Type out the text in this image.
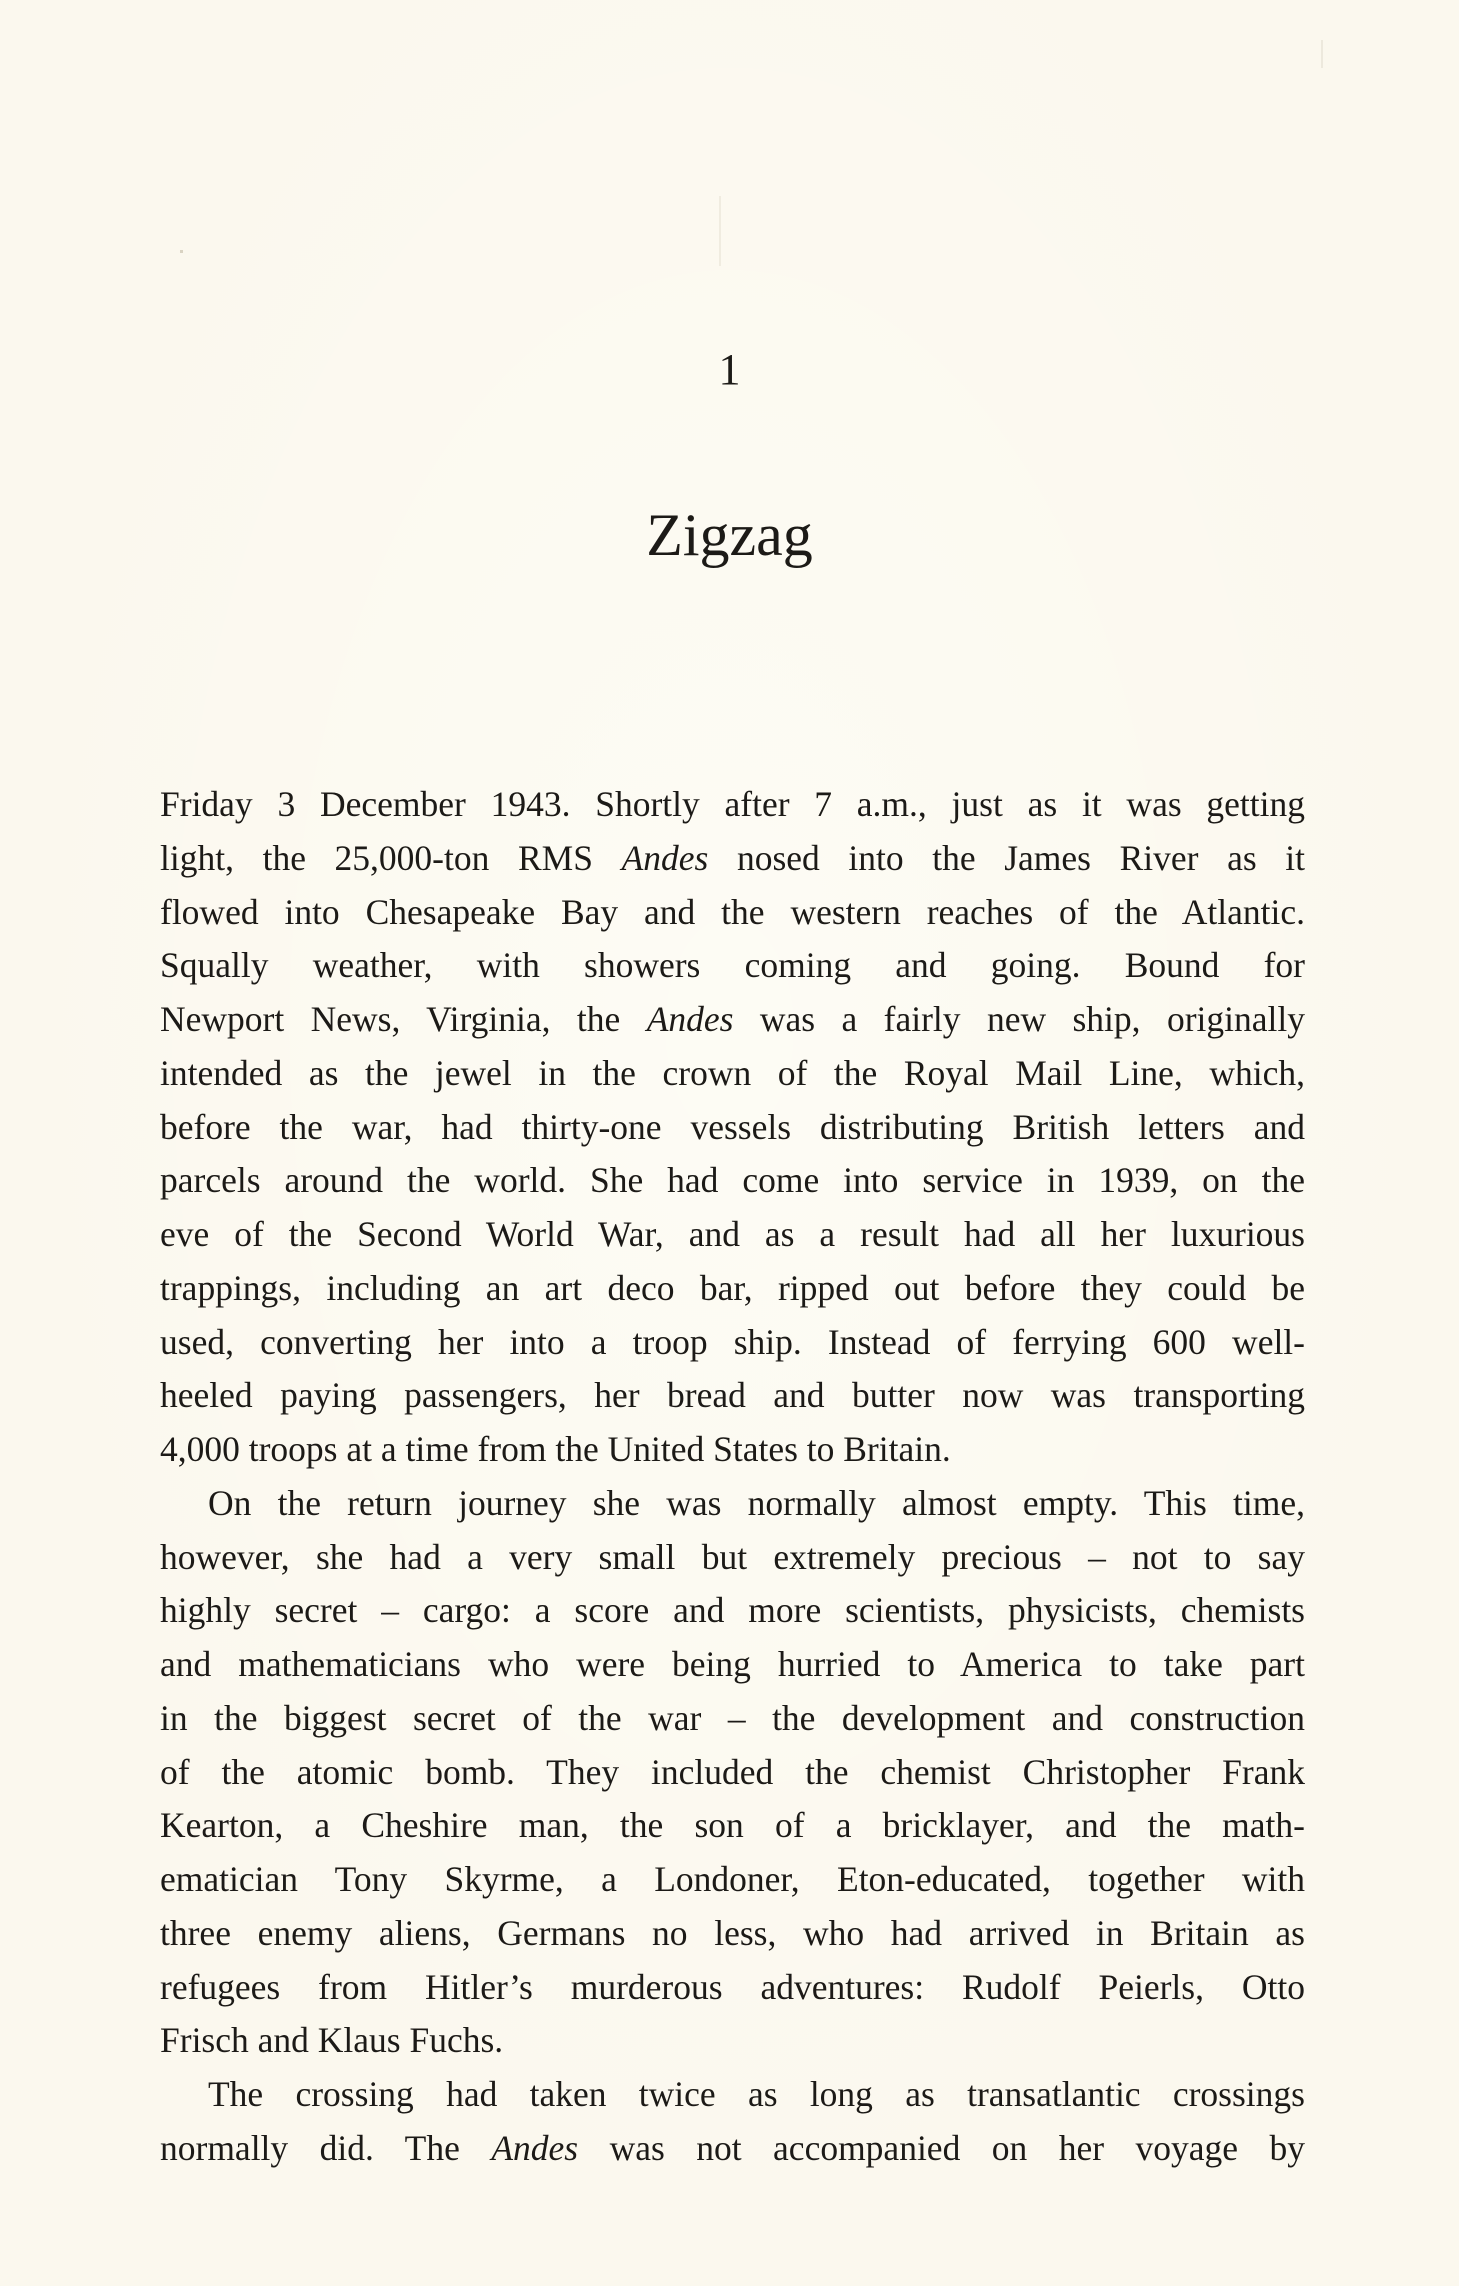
1
Zigzag
Friday 3 December 1943. Shortly after 7 a.m., just as it was getting
light, the 25,000-ton RMS Andes nosed into the James River as it
flowed into Chesapeake Bay and the western reaches of the Atlantic.
Squally weather, with showers coming and going. Bound for
Newport News, Virginia, the Andes was a fairly new ship, originally
intended as the jewel in the crown of the Royal Mail Line, which,
before the war, had thirty-one vessels distributing British letters and
parcels around the world. She had come into service in 1939, on the
eve of the Second World War, and as a result had all her luxurious
trappings, including an art deco bar, ripped out before they could be
used, converting her into a troop ship. Instead of ferrying 600 well-
heeled paying passengers, her bread and butter now was transporting
4,000 troops at a time from the United States to Britain.
On the return journey she was normally almost empty. This time,
however, she had a very small but extremely precious – not to say
highly secret – cargo: a score and more scientists, physicists, chemists
and mathematicians who were being hurried to America to take part
in the biggest secret of the war – the development and construction
of the atomic bomb. They included the chemist Christopher Frank
Kearton, a Cheshire man, the son of a bricklayer, and the math-
ematician Tony Skyrme, a Londoner, Eton-educated, together with
three enemy aliens, Germans no less, who had arrived in Britain as
refugees from Hitler’s murderous adventures: Rudolf Peierls, Otto
Frisch and Klaus Fuchs.
The crossing had taken twice as long as transatlantic crossings
normally did. The Andes was not accompanied on her voyage by
